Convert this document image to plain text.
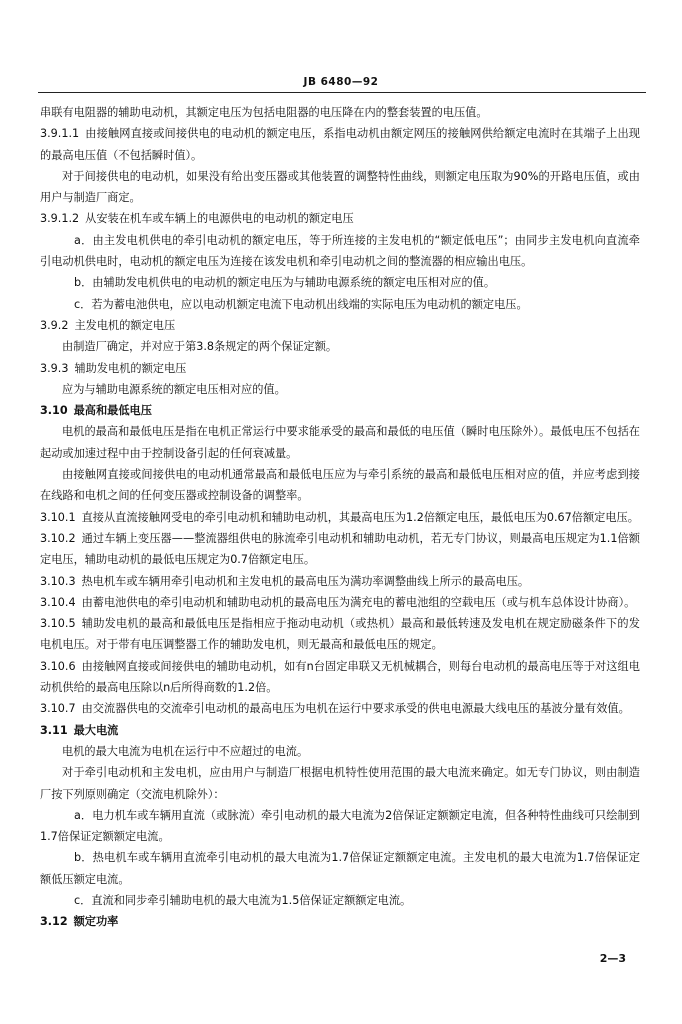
JB 6480—92

串联有电阻器的辅助电动机，其额定电压为包括电阻器的电压降在内的整套装置的电压值。

3.9.1.1 由接触网直接或间接供电的电动机的额定电压，系指电动机由额定网压的接触网供给额定电流时在其端子上出现的最高电压值（不包括瞬时值）。

对于间接供电的电动机，如果没有给出变压器或其他装置的调整特性曲线，则额定电压取为90%的开路电压值，或由用户与制造厂商定。

3.9.1.2 从安装在机车或车辆上的电源供电的电动机的额定电压

a．由主发电机供电的牵引电动机的额定电压，等于所连接的主发电机的“额定低电压”；由同步主发电机向直流牵引电动机供电时，电动机的额定电压为连接在该发电机和牵引电动机之间的整流器的相应输出电压。

b．由辅助发电机供电的电动机的额定电压为与辅助电源系统的额定电压相对应的值。

c．若为蓄电池供电，应以电动机额定电流下电动机出线端的实际电压为电动机的额定电压。

3.9.2 主发电机的额定电压

由制造厂确定，并对应于第3.8条规定的两个保证定额。

3.9.3 辅助发电机的额定电压

应为与辅助电源系统的额定电压相对应的值。

3.10 最高和最低电压

电机的最高和最低电压是指在电机正常运行中要求能承受的最高和最低的电压值（瞬时电压除外）。最低电压不包括在起动或加速过程中由于控制设备引起的任何衰减量。

由接触网直接或间接供电的电动机通常最高和最低电压应为与牵引系统的最高和最低电压相对应的值，并应考虑到接在线路和电机之间的任何变压器或控制设备的调整率。

3.10.1 直接从直流接触网受电的牵引电动机和辅助电动机，其最高电压为1.2倍额定电压，最低电压为0.67倍额定电压。

3.10.2 通过车辆上变压器——整流器组供电的脉流牵引电动机和辅助电动机，若无专门协议，则最高电压规定为1.1倍额定电压，辅助电动机的最低电压规定为0.7倍额定电压。

3.10.3 热电机车或车辆用牵引电动机和主发电机的最高电压为满功率调整曲线上所示的最高电压。

3.10.4 由蓄电池供电的牵引电动机和辅助电动机的最高电压为满充电的蓄电池组的空载电压（或与机车总体设计协商）。

3.10.5 辅助发电机的最高和最低电压是指相应于拖动电动机（或热机）最高和最低转速及发电机在规定励磁条件下的发电机电压。对于带有电压调整器工作的辅助发电机，则无最高和最低电压的规定。

3.10.6 由接触网直接或间接供电的辅助电动机，如有n台固定串联又无机械耦合，则每台电动机的最高电压等于对这组电动机供给的最高电压除以n后所得商数的1.2倍。

3.10.7 由交流器供电的交流牵引电动机的最高电压为电机在运行中要求承受的供电电源最大线电压的基波分量有效值。

3.11 最大电流

电机的最大电流为电机在运行中不应超过的电流。

对于牵引电动机和主发电机，应由用户与制造厂根据电机特性使用范围的最大电流来确定。如无专门协议，则由制造厂按下列原则确定（交流电机除外）：

a．电力机车或车辆用直流（或脉流）牵引电动机的最大电流为2倍保证定额额定电流，但各种特性曲线可只绘制到1.7倍保证定额额定电流。

b．热电机车或车辆用直流牵引电动机的最大电流为1.7倍保证定额额定电流。主发电机的最大电流为1.7倍保证定额低压额定电流。

c．直流和同步牵引辅助电机的最大电流为1.5倍保证定额额定电流。

3.12 额定功率

2—3
